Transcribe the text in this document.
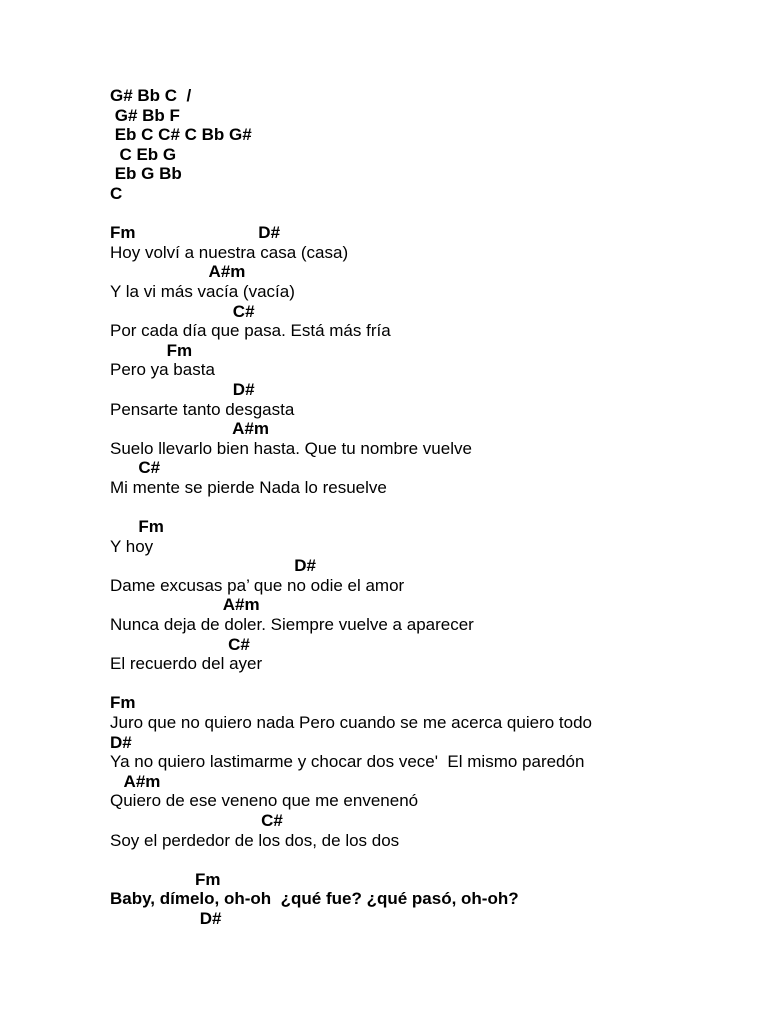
G# Bb C  /
G# Bb F
Eb C C# C Bb G#
C Eb G
Eb G Bb
C
Fm                          D#
Hoy volví a nuestra casa (casa)
A#m
Y la vi más vacía (vacía)
C#
Por cada día que pasa. Está más fría
Fm
Pero ya basta
D#
Pensarte tanto desgasta
A#m
Suelo llevarlo bien hasta. Que tu nombre vuelve
C#
Mi mente se pierde Nada lo resuelve
Fm
Y hoy
D#
Dame excusas pa’ que no odie el amor
A#m
Nunca deja de doler. Siempre vuelve a aparecer
C#
El recuerdo del ayer
Fm
Juro que no quiero nada Pero cuando se me acerca quiero todo
D#
Ya no quiero lastimarme y chocar dos vece'  El mismo paredón
A#m
Quiero de ese veneno que me envenenó
C#
Soy el perdedor de los dos, de los dos
Fm
Baby, dímelo, oh-oh  ¿qué fue? ¿qué pasó, oh-oh?
D#
